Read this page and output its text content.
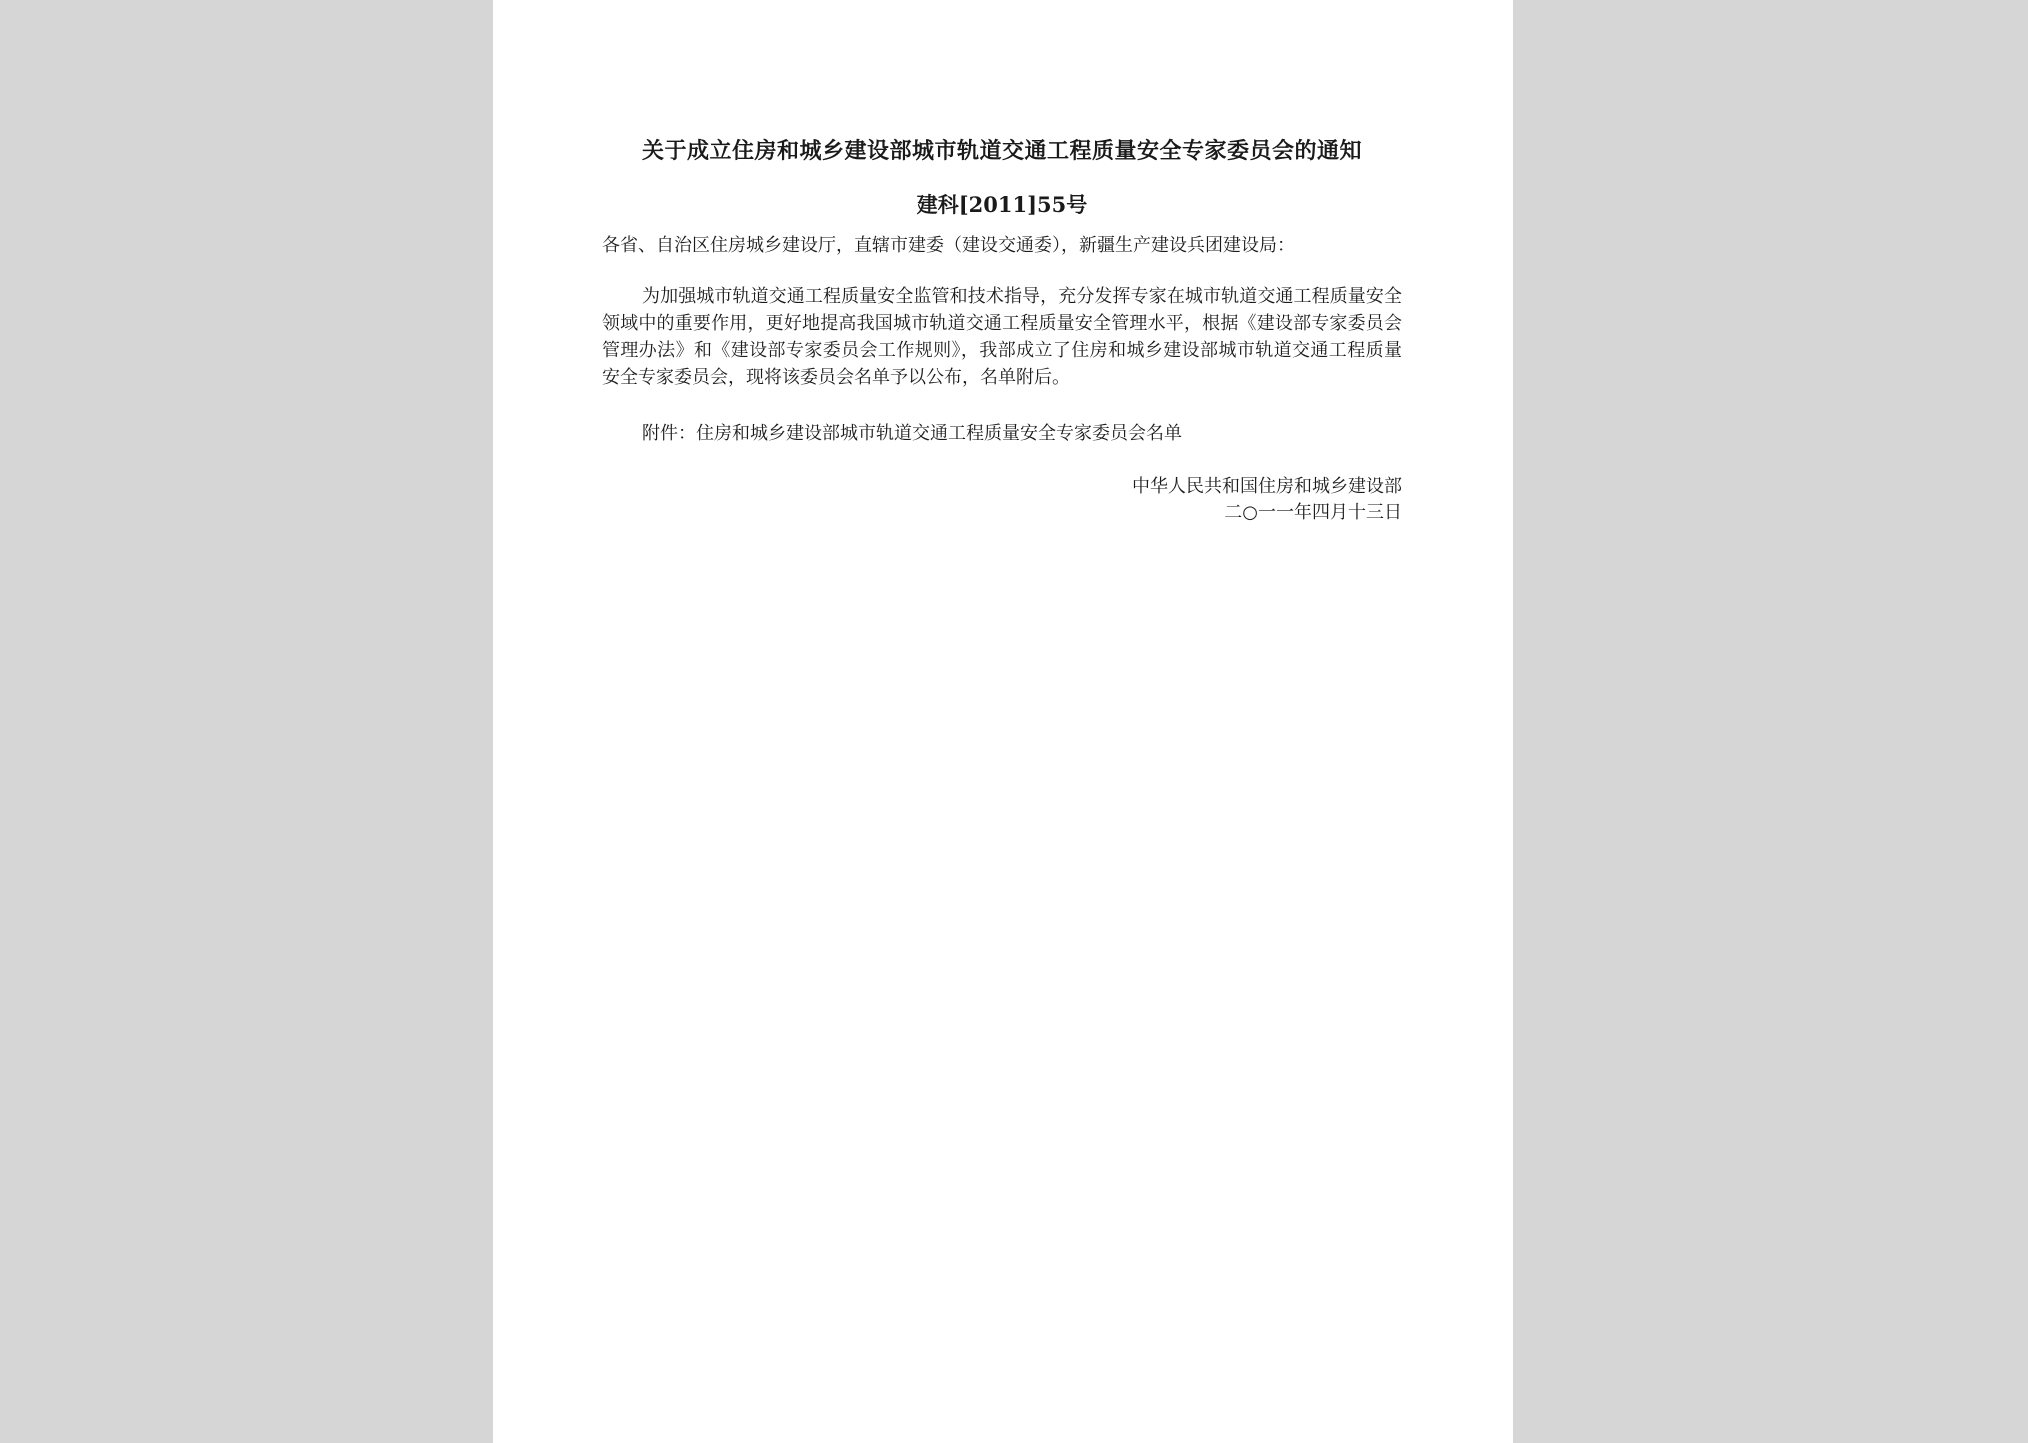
关于成立住房和城乡建设部城市轨道交通工程质量安全专家委员会的通知
建科[2011]55号
各省、自治区住房城乡建设厅，直辖市建委（建设交通委），新疆生产建设兵团建设局：
为加强城市轨道交通工程质量安全监管和技术指导，充分发挥专家在城市轨道交通工程质量安全领域中的重要作用，更好地提高我国城市轨道交通工程质量安全管理水平，根据《建设部专家委员会管理办法》和《建设部专家委员会工作规则》，我部成立了住房和城乡建设部城市轨道交通工程质量安全专家委员会，现将该委员会名单予以公布，名单附后。
附件：住房和城乡建设部城市轨道交通工程质量安全专家委员会名单
中华人民共和国住房和城乡建设部
二○一一年四月十三日
